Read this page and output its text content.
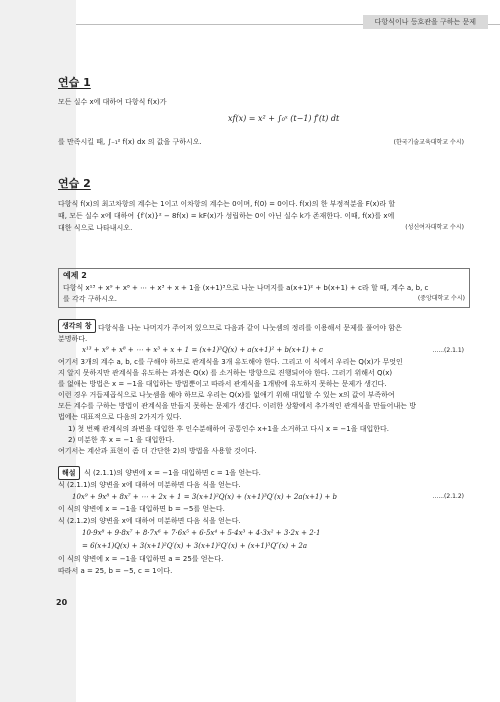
다항식이나 등호관을 구하는 문제
연습 1
모든 실수 x에 대하여 다항식 f(x)가
xf(x) = x² + ∫₀ˣ (t−1) f′(t) dt
를 만족시킬 때, ∫₋₁² f(x) dx 의 값을 구하시오.	(한국기술교육대학교 수시)
연습 2
다항식 f(x)의 최고차항의 계수는 1이고 이차항의 계수는 0이며, f(0) = 0이다. f(x)의 한 부정적분을 F(x)라 할
때, 모든 실수 x에 대하여 {f′(x)}² − 8f(x) = kF(x)가 성립하는 0이 아닌 실수 k가 존재한다. 이때, f(x)를 x에
대한 식으로 나타내시오.	(성신여자대학교 수시)
예제 2
다항식 x¹³ + x⁹ + x⁸ + ⋯ + x³ + x + 1을 (x+1)³으로 나눈 나머지를 a(x+1)² + b(x+1) + c라 할 때, 계수 a, b, c
를 각각 구하시오.	(중앙대학교 수시)
생각의 창 다항식을 나눈 나머지가 주어져 있으므로 다음과 같이 나눗셈의 정리를 이용해서 문제를 풀어야 함은
분명하다.
x¹³ + x⁹ + x⁸ + ⋯ + x³ + x + 1 = (x+1)³Q(x) + a(x+1)² + b(x+1) + c	......(2.1.1)
여기서 3개의 계수 a, b, c를 구해야 하므로 관계식을 3개 유도해야 한다. 그리고 이 식에서 우리는 Q(x)가 무엇인
지 알지 못하지만 관계식을 유도하는 과정은 Q(x) 를 소거하는 방향으로 진행되어야 한다. 그러기 위해서 Q(x)
를 없애는 방법은 x = −1을 대입하는 방법뿐이고 따라서 관계식을 1개밖에 유도하지 못하는 문제가 생긴다.
이런 경우 거듭제곱식으로 나눗셈을 해야 하므로 우리는 Q(x)를 없애기 위해 대입할 수 있는 x의 값이 부족하여
모든 계수를 구하는 방법이 관계식을 만들지 못하는 문제가 생긴다. 이러한 상황에서 추가적인 관계식을 만들어내는 방
법에는 대표적으로 다음의 2가지가 있다.
1) 첫 번째 관계식의 좌변을 대입한 후 인수분해하여 공통인수 x+1을 소거하고 다시 x = −1을 대입한다.
2) 미분한 후 x = −1 을 대입한다.
여기서는 계산과 표현이 좀 더 간단한 2)의 방법을 사용할 것이다.
해설	식 (2.1.1)의 양변에 x = −1을 대입하면 c = 1을 얻는다.
식 (2.1.1)의 양변을 x에 대하여 미분하면 다음 식을 얻는다.
10x⁹ + 9x⁸ + 8x⁷ + ⋯ + 2x + 1 = 3(x+1)²Q(x) + (x+1)³Q′(x) + 2a(x+1) + b	......(2.1.2)
이 식의 양변에 x = −1을 대입하면 b = −5를 얻는다.
식 (2.1.2)의 양변을 x에 대하여 미분하면 다음 식을 얻는다.
10·9x⁸ + 9·8x⁷ + 8·7x⁶ + 7·6x⁵ + 6·5x⁴ + 5·4x³ + 4·3x² + 3·2x + 2·1
= 6(x+1)Q(x) + 3(x+1)²Q′(x) + 3(x+1)²Q′(x) + (x+1)³Q″(x) + 2a
이 식의 양변에 x = −1을 대입하면 a = 25를 얻는다.
따라서 a = 25, b = −5, c = 1이다.
20
